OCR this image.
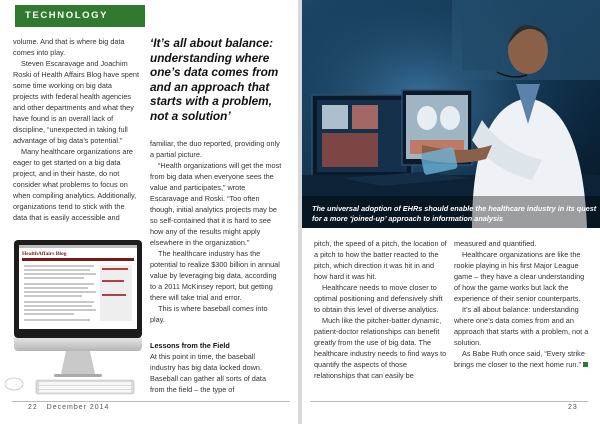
TECHNOLOGY

volume. And that is where big data comes into play.

Steven Escaravage and Joachim Roski of Health Affairs Blog have spent some time working on big data projects with federal health agencies and other departments and what they have found is an overall lack of discipline, “unexpected in taking full advantage of big data’s potential.”

Many healthcare organizations are eager to get started on a big data project, and in their haste, do not consider what problems to focus on when compiling analytics. Additionally, organizations tend to stick with the data that is easily accessible and

‘It’s all about balance: understanding where one’s data comes from and an approach that starts with a problem, not a solution’

familiar, the duo reported, providing only a partial picture.

“Health organizations will get the most from big data when everyone sees the value and participates,” wrote Escaravage and Roski. “Too often though, initial analytics projects may be so self-contained that it is hard to see how any of the results might apply elsewhere in the organization.”

The healthcare industry has the potential to realize $300 billion in annual value by leveraging big data, according to a 2011 McKinsey report, but getting there will take trial and error.

This is where baseball comes into play.

HealthAffairs Blog
Lessons from the Field

At this point in time, the baseball industry has big data locked down. Baseball can gather all sorts of data from the field – the type of

22 December 2014
The universal adoption of EHRs should enable the healthcare industry in its quest for a more ‘joined-up’ approach to information analysis

pitch, the speed of a pitch, the location of a pitch to how the batter reacted to the pitch, which direction it was hit in and how hard it was hit.

Healthcare needs to move closer to optimal positioning and defensively shift to obtain this level of diverse analytics.

Much like the pitcher-batter dynamic, patient-doctor relationships can benefit greatly from the use of big data. The healthcare industry needs to find ways to quantify the aspects of those relationships that can easily be

measured and quantified.

Healthcare organizations are like the rookie playing in his first Major League game – they have a clear understanding of how the game works but lack the experience of their senior counterparts.

It’s all about balance: understanding where one’s data comes from and an approach that starts with a problem, not a solution.

As Babe Ruth once said, “Every strike brings me closer to the next home run.”

23
